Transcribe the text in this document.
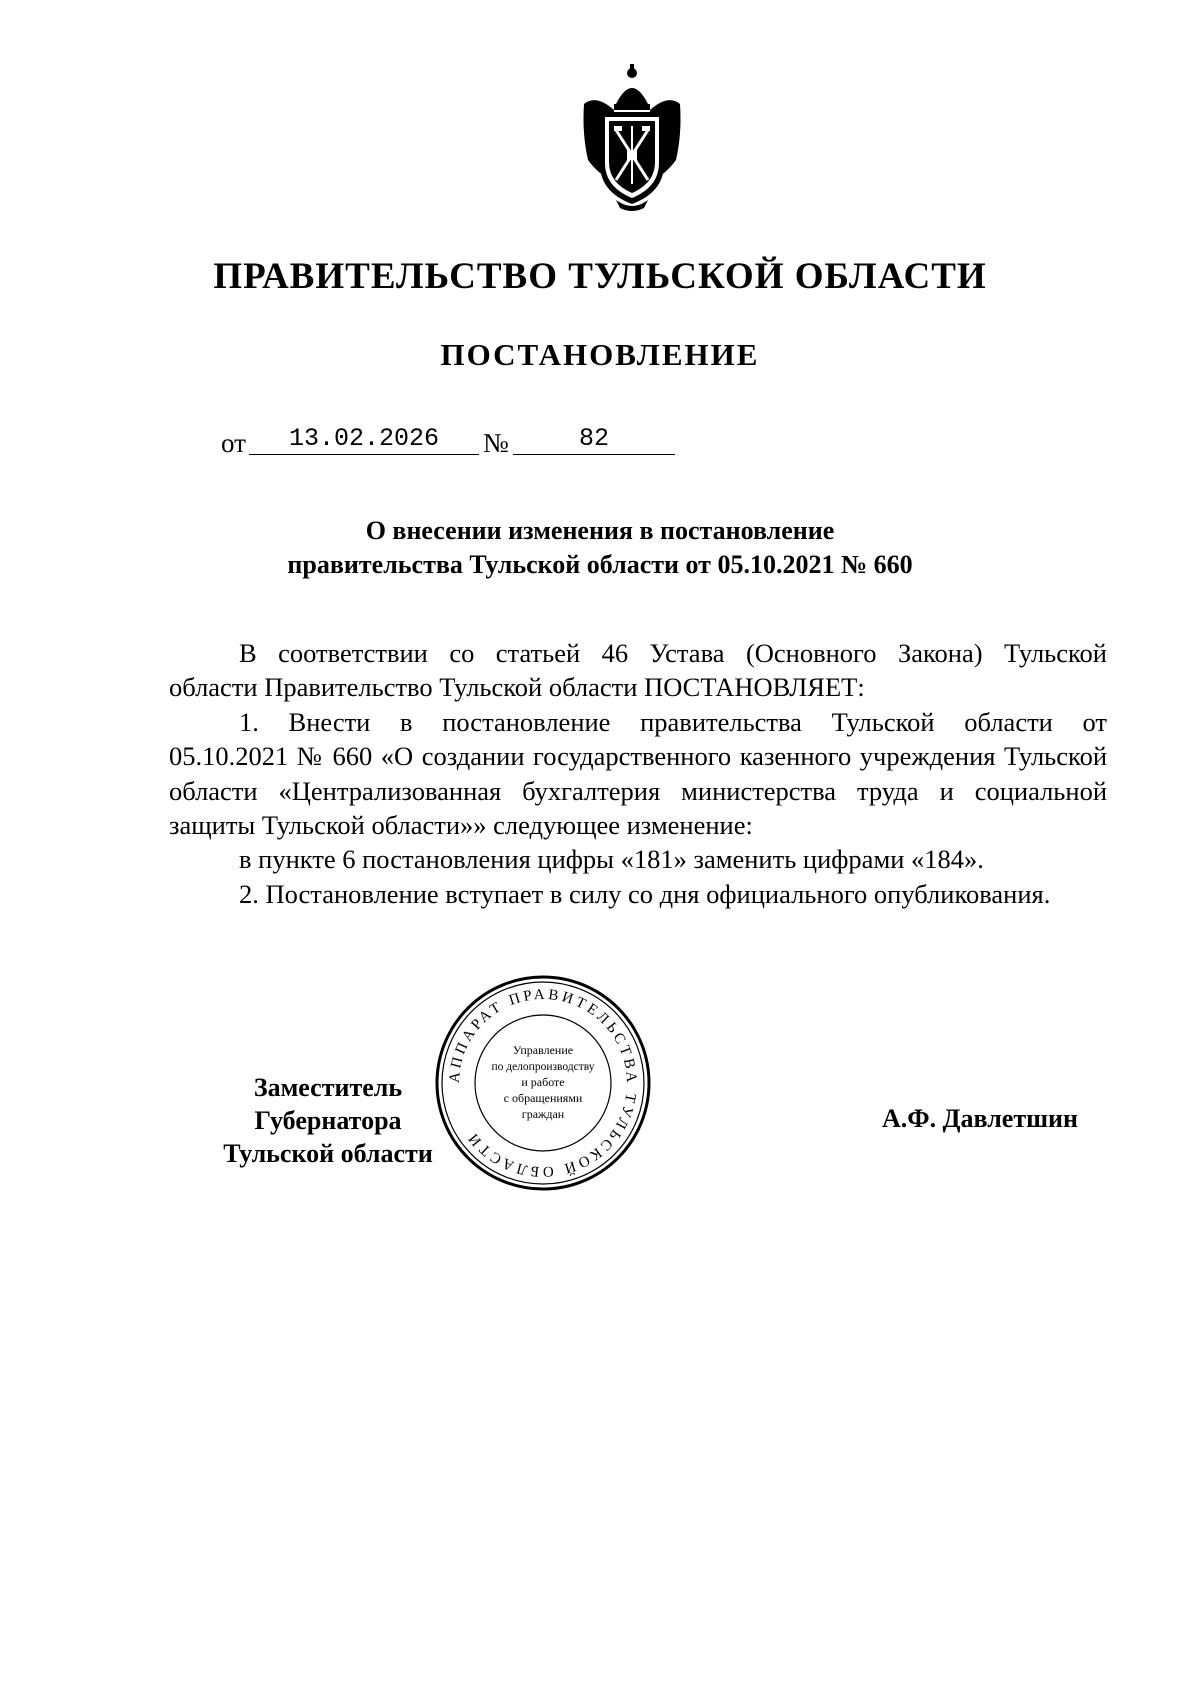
ПРАВИТЕЛЬСТВО ТУЛЬСКОЙ ОБЛАСТИ
ПОСТАНОВЛЕНИЕ
от	13.02.2026	№	82
О внесении изменения в постановление
правительства Тульской области от 05.10.2021 № 660

В соответствии со статьей 46 Устава (Основного Закона) Тульской

области Правительство Тульской области ПОСТАНОВЛЯЕТ:

1. Внести в постановление правительства Тульской области от

05.10.2021 № 660 «О создании государственного казенного учреждения Тульской области «Централизованная бухгалтерия министерства труда и социальной защиты Тульской области»» следующее изменение:

в пункте 6 постановления цифры «181» заменить цифрами «184».

2. Постановление вступает в силу со дня официального опубликования.

Заместитель Губернатора
Тульской области
А.Ф. Давлетшин
АППАРАТ ПРАВИТЕЛЬСТВА ТУЛЬСКОЙ ОБЛАСТИ
Управление
по делопроизводству
и работе
с обращениями
граждан
